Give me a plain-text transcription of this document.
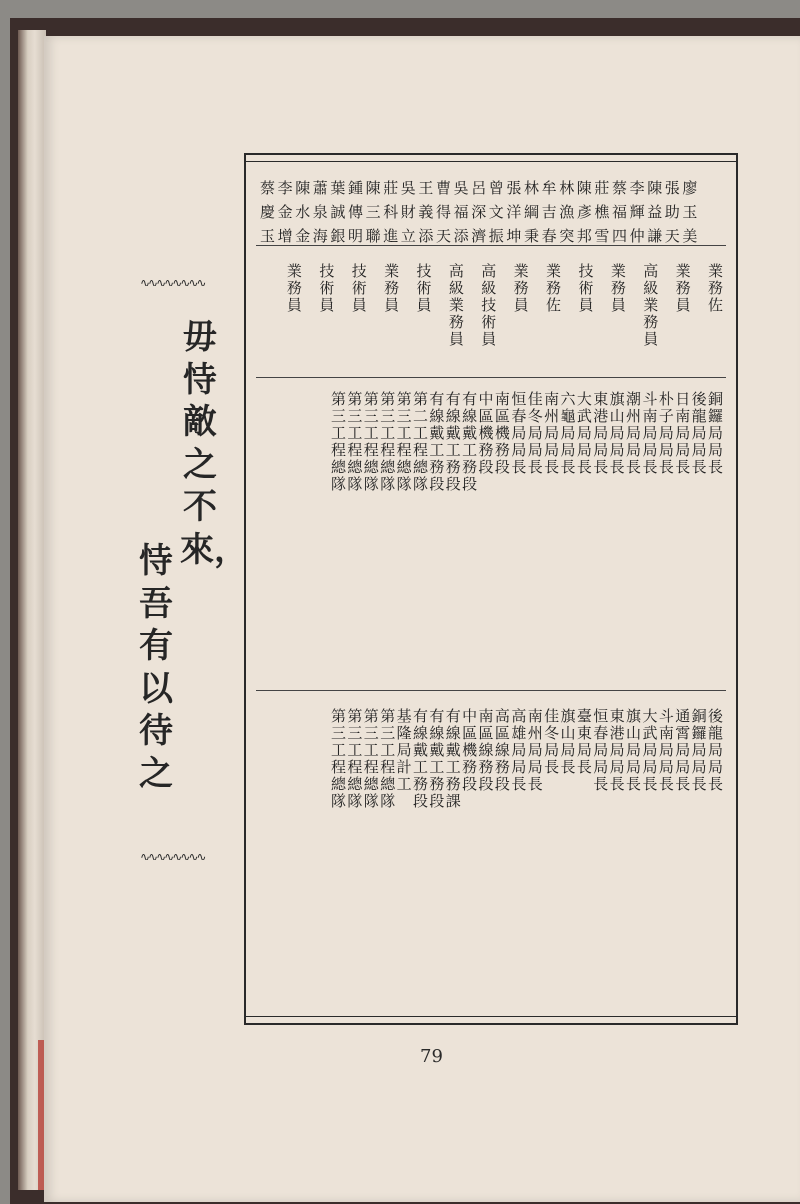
∿∿∿∿∿∿∿∿
毋恃敵之不來，
恃吾有以待之
∿∿∿∿∿∿∿∿
蔡李陳蕭葉鍾陳莊吳王曹吳呂曾張林牟林陳莊蔡李陳張廖
慶金水泉誠傳三科財義得福深文洋綱吉漁彥樵福輝益助玉
玉增金海銀明聯進立添天添濟振坤秉春突邦雪四仲謙天美
業務佐
業務員
高級業務員
業務員
技術員
業務佐
業務員
高級技術員
高級業務員
技術員
業務員
技術員
技術員
業務員
銅鑼局局長
後龍局局長
日南局局長
朴子局局長
斗南局局長
潮州局局長
旗山局局長
東港局局長
大武局局長
六龜局局長
南州局局長
佳冬局局長
恒春局局長
南區機務段
中區機務段
有線戴工務段
有線戴工務段
有線戴工務段
第二工程總隊
第三工程總隊
第三工程總隊
第三工程總隊
第三工程總隊
第三工程總隊
後龍局局長
銅鑼局局長
通霄局局長
斗南局局長
大武局局長
旗山局局長
東港局局長
恒春局局長
臺東局長
旗山局長
佳冬局長
南州局局長
高雄局局長
高區線務段
南區線務段
中區機務段
有線戴工務課
有線戴工務段
有線戴工務段
基隆局計工
第三工程總隊
第三工程總隊
第三工程總隊
第三工程總隊
79
